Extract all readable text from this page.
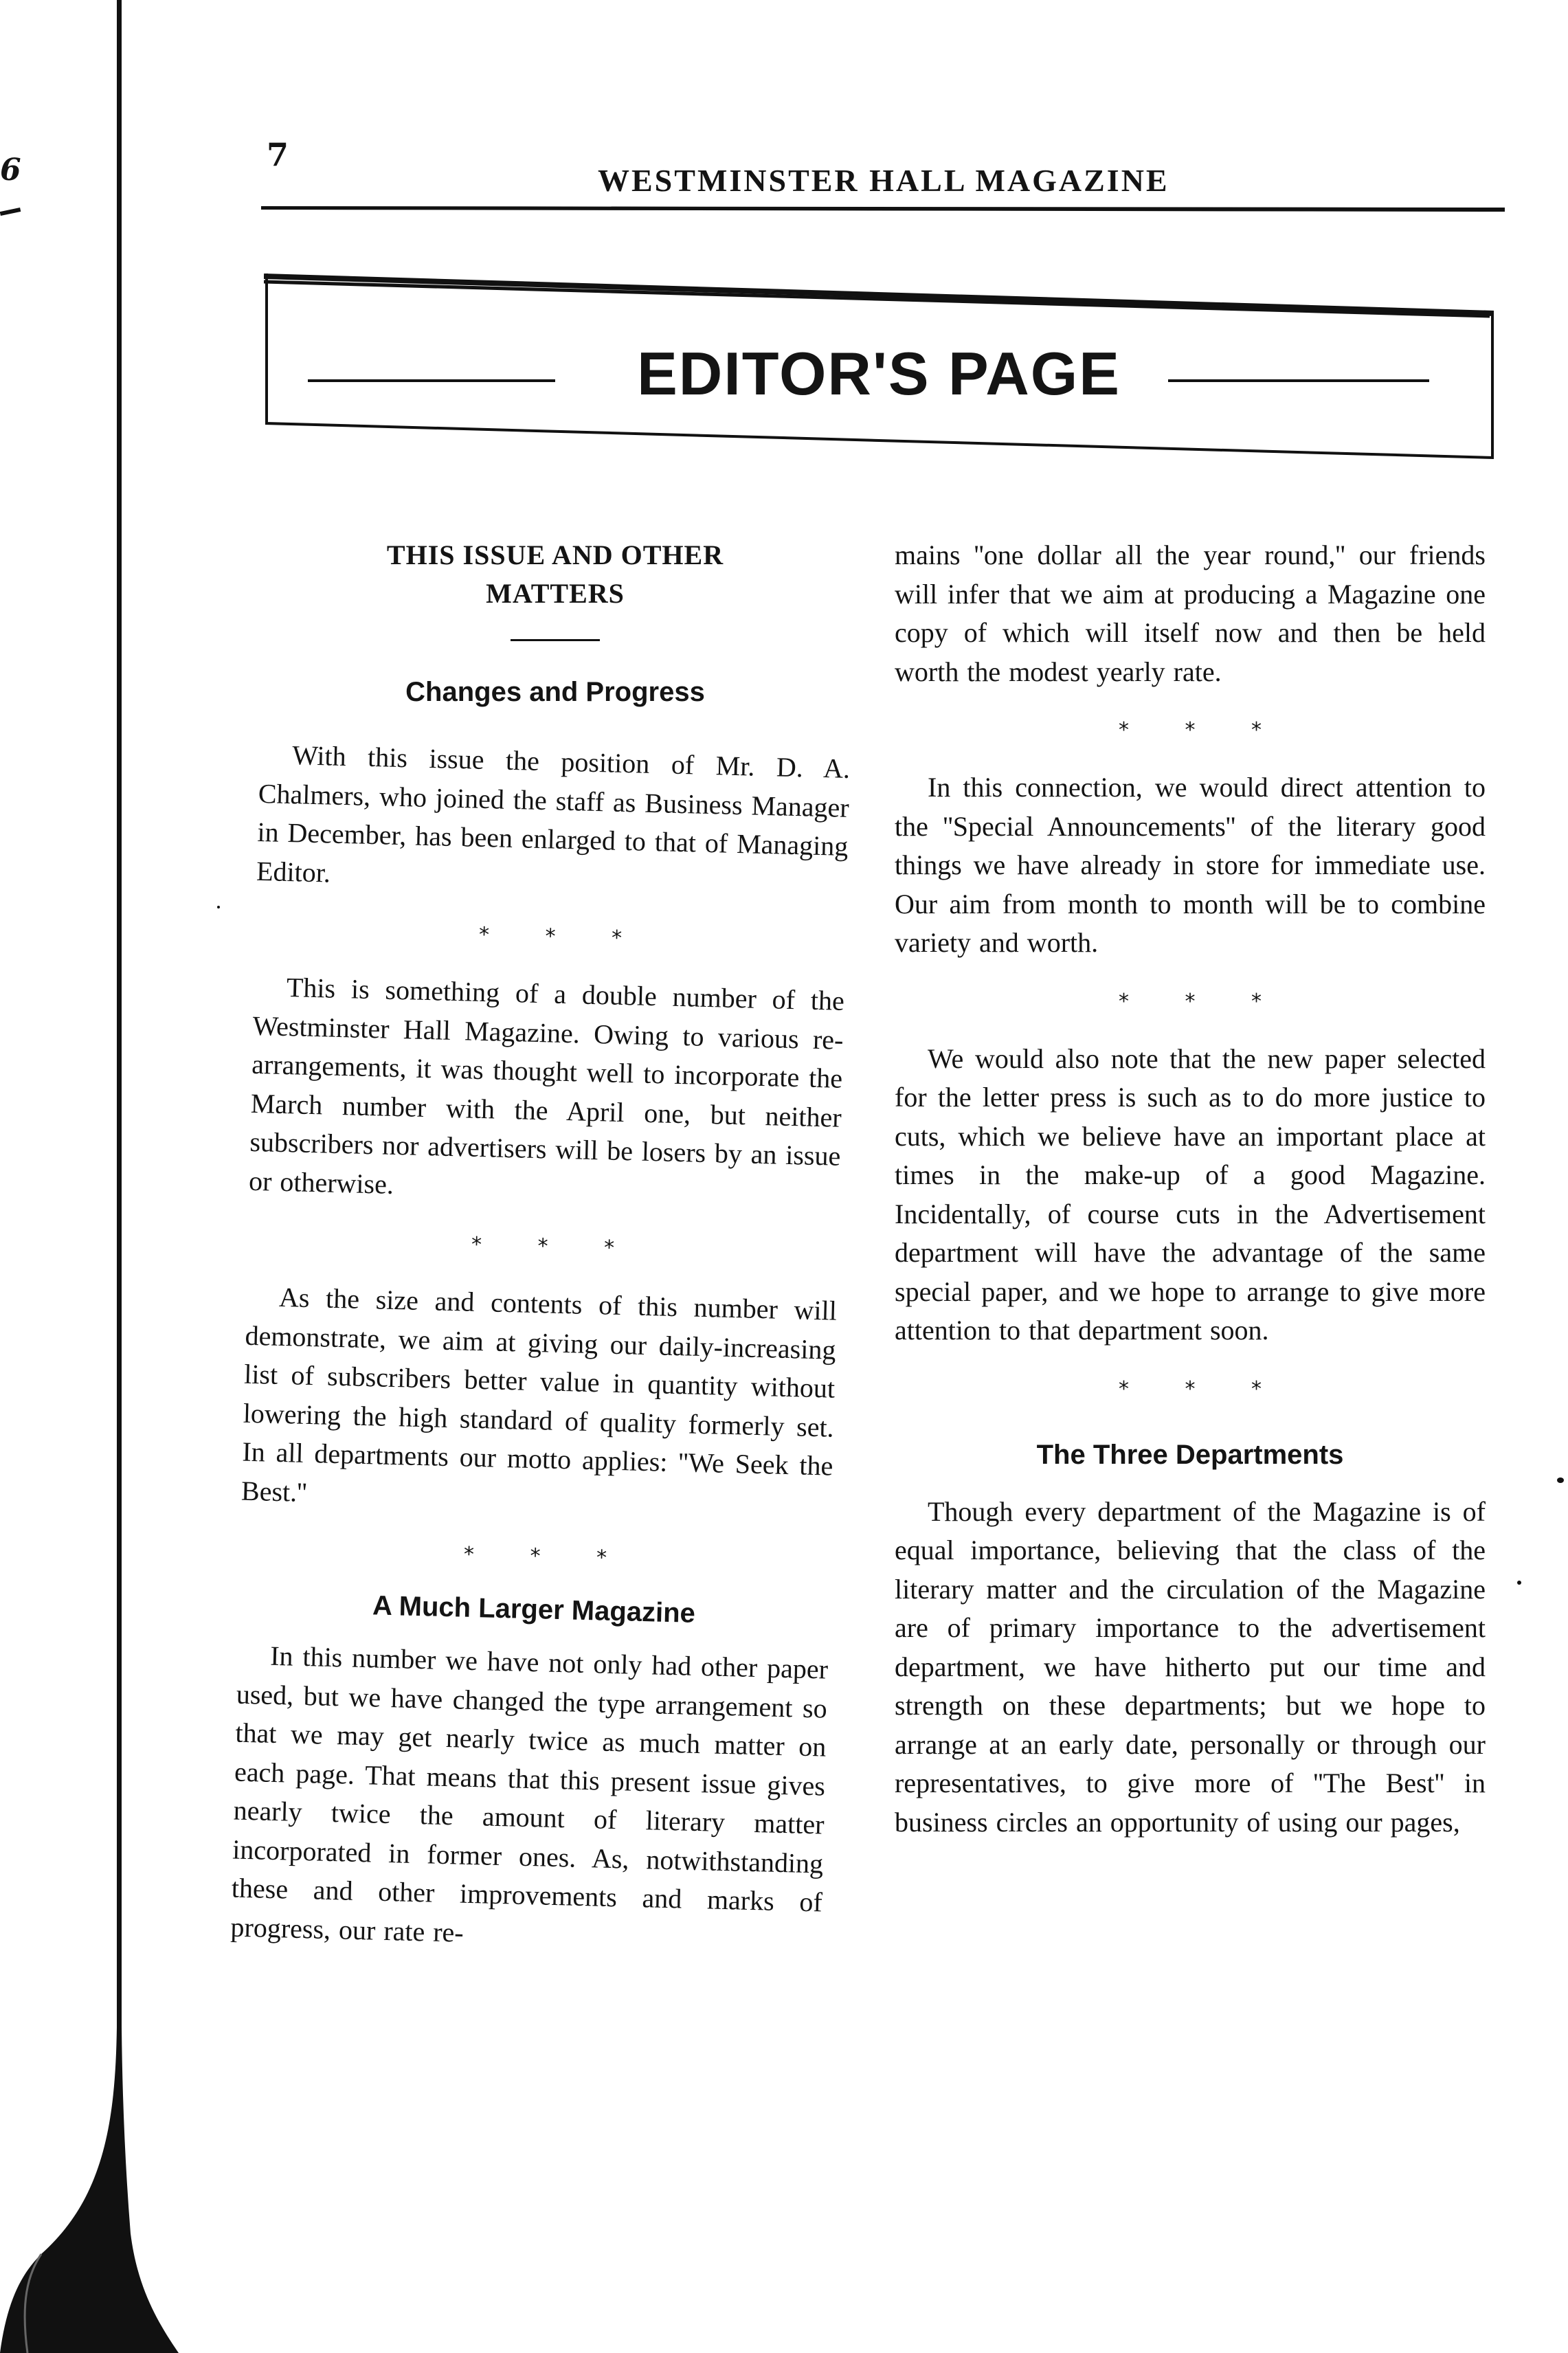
6	7
WESTMINSTER HALL MAGAZINE
EDITOR'S PAGE
THIS ISSUE AND OTHER
MATTERS
Changes and Progress

With this issue the position of Mr. D. A. Chalmers, who joined the staff as Business Manager in December, has been enlarged to that of Managing Editor.

* * *

This is something of a double number of the Westminster Hall Magazine. Owing to various re-arrangements, it was thought well to incorporate the March number with the April one, but neither subscribers nor advertisers will be losers by an issue or otherwise.

* * *

As the size and contents of this number will demonstrate, we aim at giving our daily-increasing list of subscribers better value in quantity without lowering the high standard of quality formerly set. In all departments our motto applies: ''We Seek the Best.''

* * *
A Much Larger Magazine

In this number we have not only had other paper used, but we have changed the type arrangement so that we may get nearly twice as much matter on each page. That means that this present issue gives nearly twice the amount of literary matter incorporated in former ones. As, notwithstanding these and other improvements and marks of progress, our rate re-

mains ''one dollar all the year round,'' our friends will infer that we aim at producing a Magazine one copy of which will itself now and then be held worth the modest yearly rate.

* * *

In this connection, we would direct attention to the ''Special Announcements'' of the literary good things we have already in store for immediate use. Our aim from month to month will be to combine variety and worth.

* * *

We would also note that the new paper selected for the letter press is such as to do more justice to cuts, which we believe have an important place at times in the make-up of a good Magazine. Incidentally, of course cuts in the Advertisement department will have the advantage of the same special paper, and we hope to arrange to give more attention to that department soon.

* * *
The Three Departments

Though every department of the Magazine is of equal importance, believing that the class of the literary matter and the circulation of the Magazine are of primary importance to the advertisement department, we have hitherto put our time and strength on these departments; but we hope to arrange at an early date, personally or through our representatives, to give more of ''The Best'' in business circles an opportunity of using our pages,
